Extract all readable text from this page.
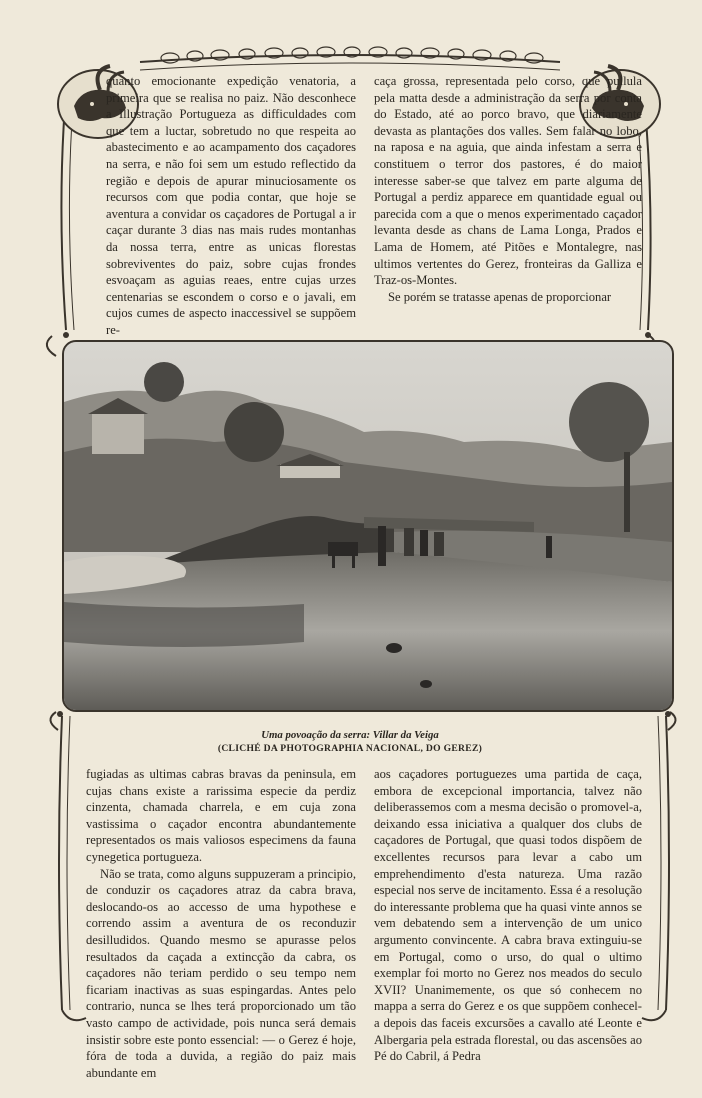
quanto emocionante expedição venatoria, a primeira que se realisa no paiz. Não desconhece a Illustração Portugueza as difficuldades com que tem a luctar, sobretudo no que respeita ao abastecimento e ao acampamento dos caçadores na serra, e não foi sem um estudo reflectido da região e depois de apurar minuciosamente os recursos com que podia contar, que hoje se aventura a convidar os caçadores de Portugal a ir caçar durante 3 dias nas mais rudes montanhas da nossa terra, entre as unicas florestas sobreviventes do paiz, sobre cujas frondes esvoaçam as aguias reaes, entre cujas urzes centenarias se escondem o corso e o javali, em cujos cumes de aspecto inaccessivel se suppõem re-

caça grossa, representada pelo corso, que pullula pela matta desde a administração da serra por conta do Estado, até ao porco bravo, que diariamente devasta as plantações dos valles. Sem falar no lobo, na raposa e na aguia, que ainda infestam a serra e constituem o terror dos pastores, é do maior interesse saber-se que talvez em parte alguma de Portugal a perdiz apparece em quantidade egual ou parecida com a que o menos experimentado caçador levanta desde as chans de Lama Longa, Prados e Lama de Homem, até Pitões e Montalegre, nas ultimos vertentes do Gerez, fronteiras da Galliza e Traz-os-Montes.

Se porém se tratasse apenas de proporcionar

Uma povoação da serra: Villar da Veiga
(CLICHÉ DA PHOTOGRAPHIA NACIONAL, DO GEREZ)

fugiadas as ultimas cabras bravas da peninsula, em cujas chans existe a rarissima especie da perdiz cinzenta, chamada charrela, e em cuja zona vastissima o caçador encontra abundantemente representados os mais valiosos especimens da fauna cynegetica portugueza.

Não se trata, como alguns suppuzeram a principio, de conduzir os caçadores atraz da cabra brava, deslocando-os ao accesso de uma hypothese e correndo assim a aventura de os reconduzir desilludidos. Quando mesmo se apurasse pelos resultados da caçada a extincção da cabra, os caçadores não teriam perdido o seu tempo nem ficariam inactivas as suas espingardas. Antes pelo contrario, nunca se lhes terá proporcionado um tão vasto campo de actividade, pois nunca será demais insistir sobre este ponto essencial: — o Gerez é hoje, fóra de toda a duvida, a região do paiz mais abundante em

aos caçadores portuguezes uma partida de caça, embora de excepcional importancia, talvez não deliberassemos com a mesma decisão o promovel-a, deixando essa iniciativa a qualquer dos clubs de caçadores de Portugal, que quasi todos dispõem de excellentes recursos para levar a cabo um emprehendimento d'esta natureza. Uma razão especial nos serve de incitamento. Essa é a resolução do interessante problema que ha quasi vinte annos se vem debatendo sem a intervenção de um unico argumento convincente. A cabra brava extinguiu-se em Portugal, como o urso, do qual o ultimo exemplar foi morto no Gerez nos meados do seculo XVII? Unanimemente, os que só conhecem no mappa a serra do Gerez e os que suppõem conhecel-a depois das faceis excursões a cavallo até Leonte e Albergaria pela estrada florestal, ou das ascensões ao Pé do Cabril, á Pedra
